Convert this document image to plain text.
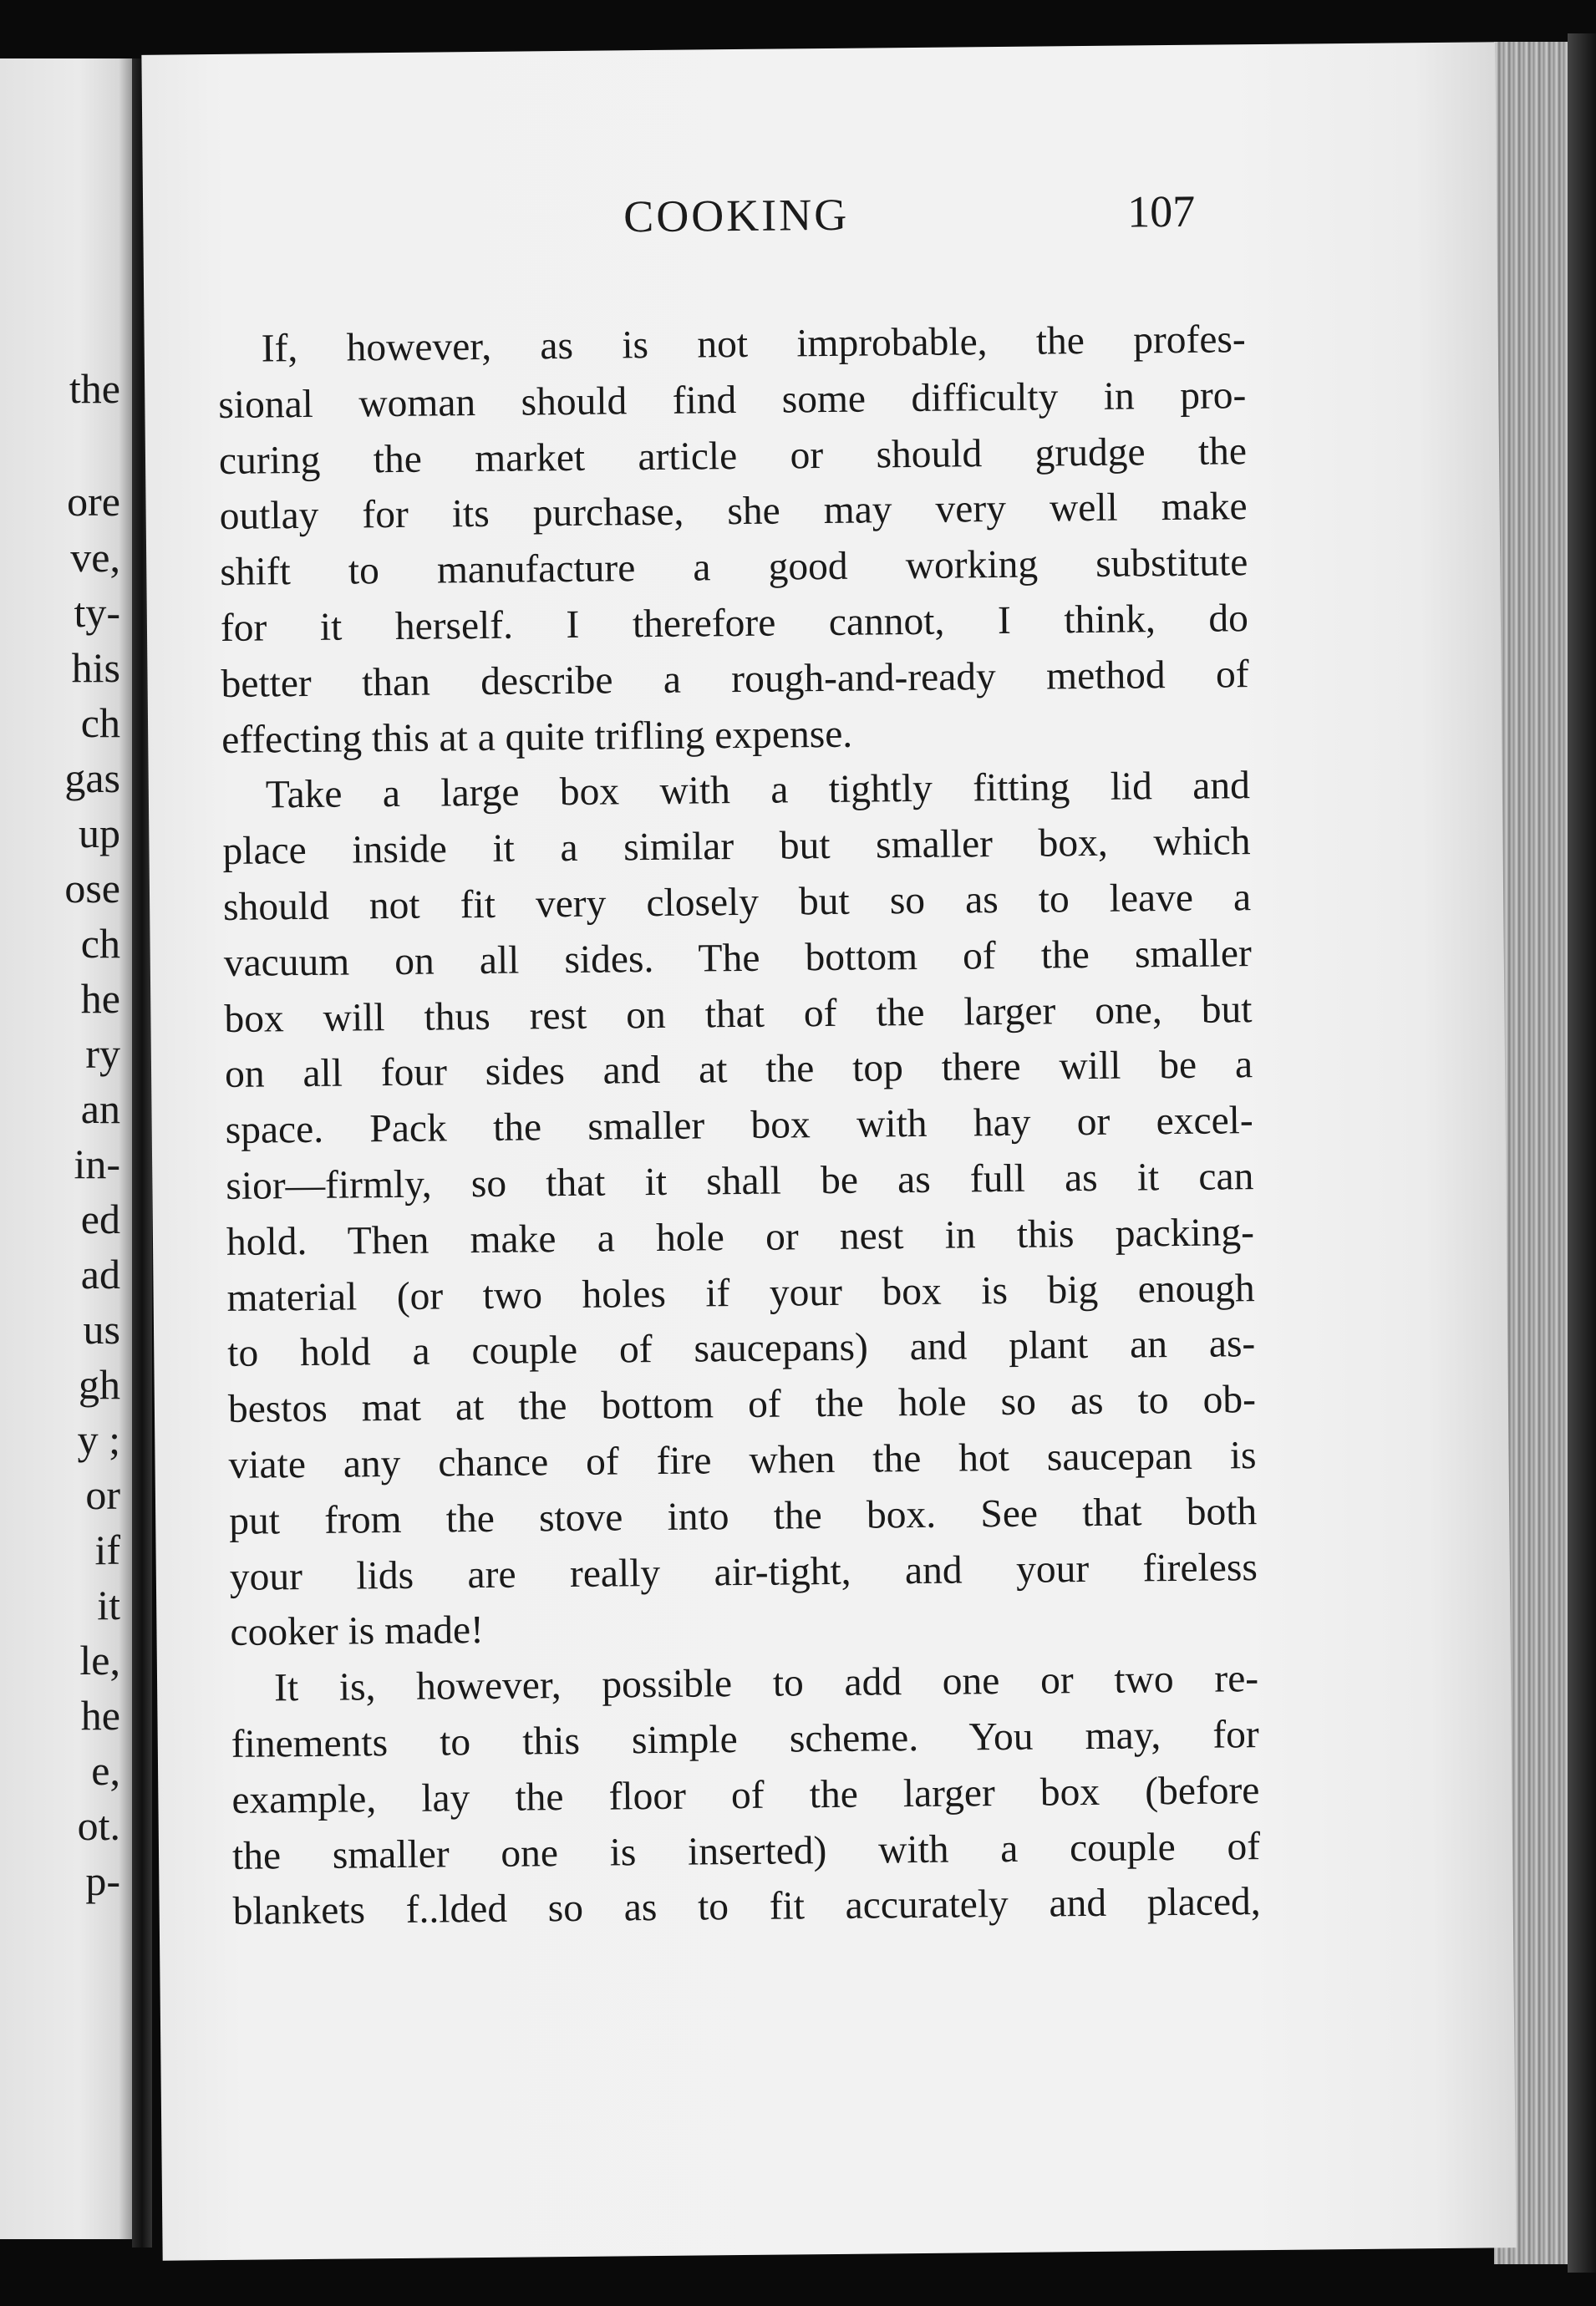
the
ore
ve,
ty-
his
ch
gas
up
ose
ch
he
ry
an
in-
ed
ad
us
gh
y ;
or
if
it
le,
he
e,
ot.
p-
COOKING	107
If, however, as is not improbable, the profes-
sional woman should find some difficulty in pro-
curing the market article or should grudge the
outlay for its purchase, she may very well make
shift to manufacture a good working substitute
for it herself. I therefore cannot, I think, do
better than describe a rough-and-ready method of
effecting this at a quite trifling expense.
Take a large box with a tightly fitting lid and
place inside it a similar but smaller box, which
should not fit very closely but so as to leave a
vacuum on all sides. The bottom of the smaller
box will thus rest on that of the larger one, but
on all four sides and at the top there will be a
space. Pack the smaller box with hay or excel-
sior—firmly, so that it shall be as full as it can
hold. Then make a hole or nest in this packing-
material (or two holes if your box is big enough
to hold a couple of saucepans) and plant an as-
bestos mat at the bottom of the hole so as to ob-
viate any chance of fire when the hot saucepan is
put from the stove into the box. See that both
your lids are really air-tight, and your fireless
cooker is made!
It is, however, possible to add one or two re-
finements to this simple scheme. You may, for
example, lay the floor of the larger box (before
the smaller one is inserted) with a couple of
blankets f..lded so as to fit accurately and placed,
